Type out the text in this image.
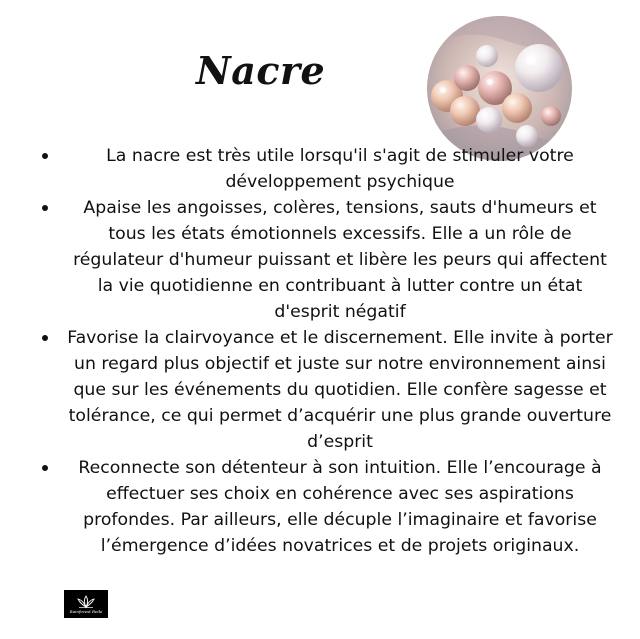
Nacre
La nacre est très utile lorsqu'il s'agit de stimuler votre développement psychique
Apaise les angoisses, colères, tensions, sauts d'humeurs et tous les états émotionnels excessifs. Elle a un rôle de régulateur d'humeur puissant et libère les peurs qui affectent la vie quotidienne en contribuant à lutter contre un état d'esprit négatif
Favorise la clairvoyance et le discernement. Elle invite à porter un regard plus objectif et juste sur notre environnement ainsi que sur les événements du quotidien. Elle confère sagesse et tolérance, ce qui permet d’acquérir une plus grande ouverture d’esprit
Reconnecte son détenteur à son intuition. Elle l’encourage à effectuer ses choix en cohérence avec ses aspirations profondes. Par ailleurs, elle décuple l’imaginaire et favorise l’émergence d’idées novatrices et de projets originaux.
Rainforest Reiki
